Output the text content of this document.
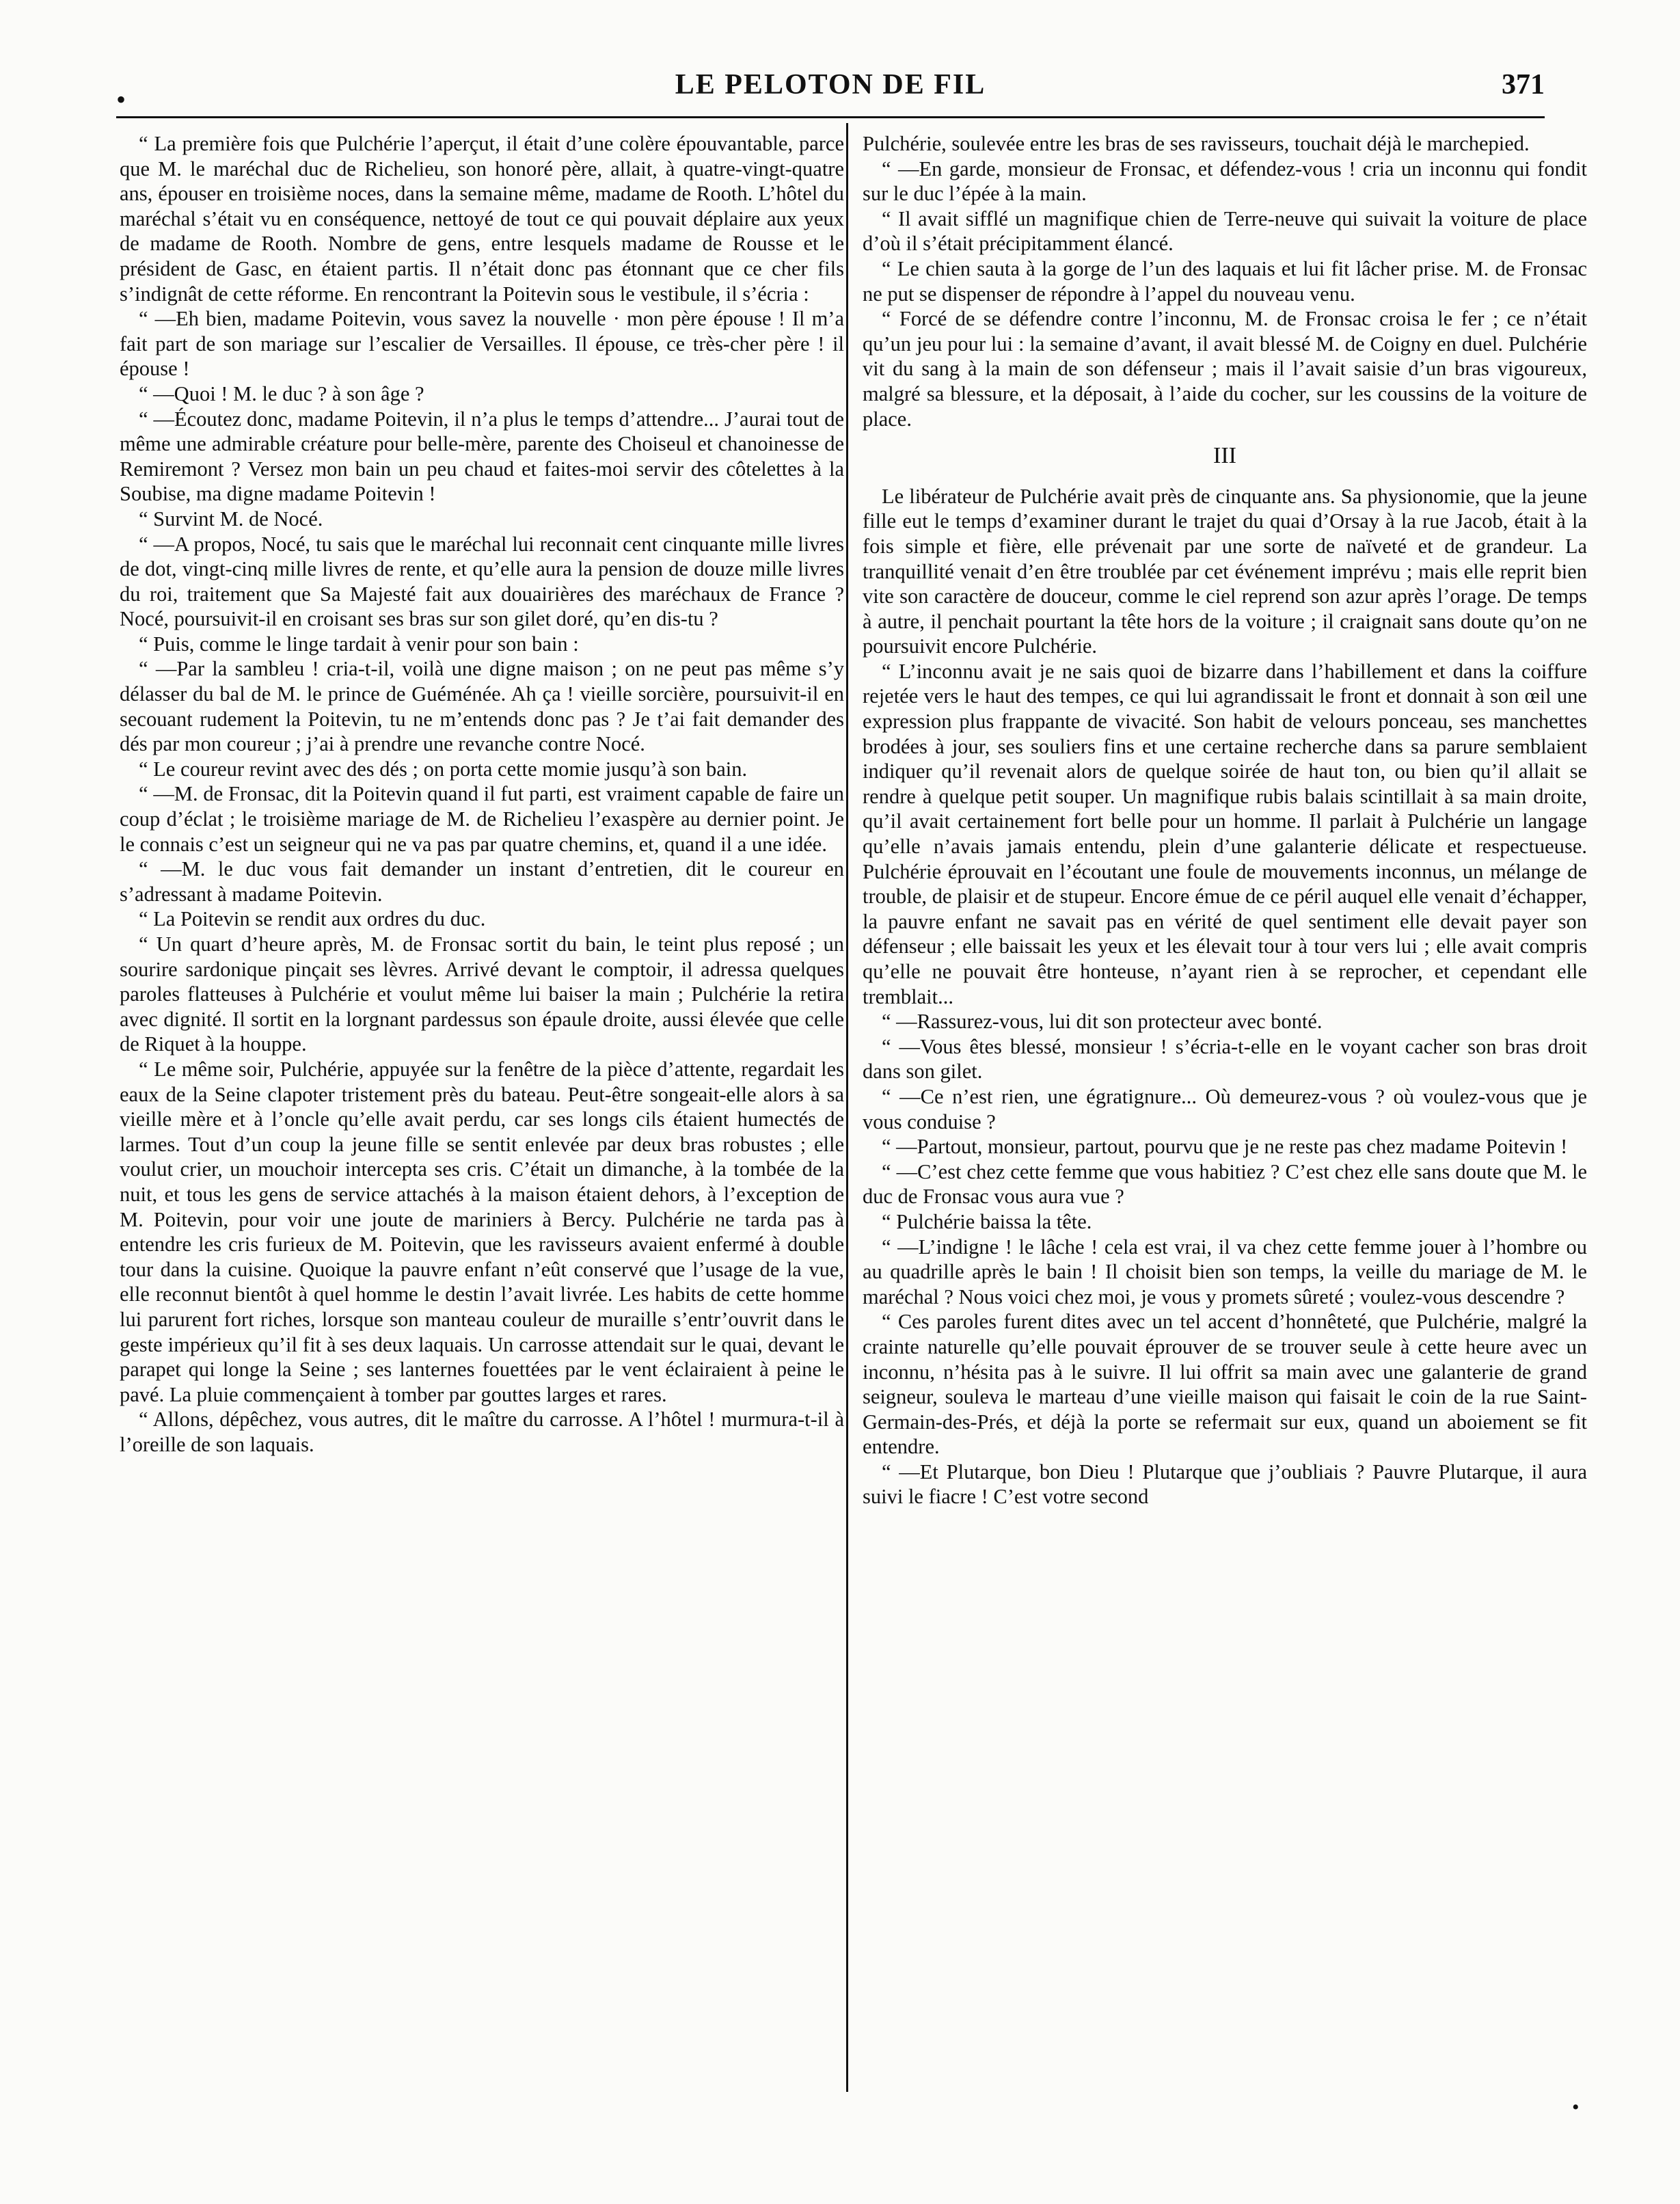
•	LE PELOTON DE FIL	371

“ La première fois que Pulchérie l’aperçut, il était d’une colère épouvantable, parce que M. le maréchal duc de Richelieu, son honoré père, allait, à quatre-vingt-quatre ans, épouser en troisième noces, dans la semaine même, madame de Rooth. L’hôtel du maréchal s’était vu en conséquence, nettoyé de tout ce qui pouvait déplaire aux yeux de madame de Rooth. Nombre de gens, entre lesquels madame de Rousse et le président de Gasc, en étaient partis. Il n’était donc pas étonnant que ce cher fils s’indignât de cette réforme. En rencontrant la Poitevin sous le vestibule, il s’écria :

“ —Eh bien, madame Poitevin, vous savez la nouvelle · mon père épouse ! Il m’a fait part de son mariage sur l’escalier de Versailles. Il épouse, ce très-cher père ! il épouse !

“ —Quoi ! M. le duc ? à son âge ?

“ —Écoutez donc, madame Poitevin, il n’a plus le temps d’attendre... J’aurai tout de même une admirable créature pour belle-mère, parente des Choiseul et chanoinesse de Remiremont ? Versez mon bain un peu chaud et faites-moi servir des côtelettes à la Soubise, ma digne madame Poitevin !

“ Survint M. de Nocé.

“ —A propos, Nocé, tu sais que le maréchal lui reconnait cent cinquante mille livres de dot, vingt-cinq mille livres de rente, et qu’elle aura la pension de douze mille livres du roi, traitement que Sa Majesté fait aux douairières des maréchaux de France ? Nocé, poursuivit-il en croisant ses bras sur son gilet doré, qu’en dis-tu ?

“ Puis, comme le linge tardait à venir pour son bain :

“ —Par la sambleu ! cria-t-il, voilà une digne maison ; on ne peut pas même s’y délasser du bal de M. le prince de Guéménée. Ah ça ! vieille sorcière, poursuivit-il en secouant rudement la Poitevin, tu ne m’entends donc pas ? Je t’ai fait demander des dés par mon coureur ; j’ai à prendre une revanche contre Nocé.

“ Le coureur revint avec des dés ; on porta cette momie jusqu’à son bain.

“ —M. de Fronsac, dit la Poitevin quand il fut parti, est vraiment capable de faire un coup d’éclat ; le troisième mariage de M. de Richelieu l’exaspère au dernier point. Je le connais c’est un seigneur qui ne va pas par quatre chemins, et, quand il a une idée.

“ —M. le duc vous fait demander un instant d’entretien, dit le coureur en s’adressant à madame Poitevin.

“ La Poitevin se rendit aux ordres du duc.

“ Un quart d’heure après, M. de Fronsac sortit du bain, le teint plus reposé ; un sourire sardonique pinçait ses lèvres. Arrivé devant le comptoir, il adressa quelques paroles flatteuses à Pulchérie et voulut même lui baiser la main ; Pulchérie la retira avec dignité. Il sortit en la lorgnant pardessus son épaule droite, aussi élevée que celle de Riquet à la houppe.

“ Le même soir, Pulchérie, appuyée sur la fenêtre de la pièce d’attente, regardait les eaux de la Seine clapoter tristement près du bateau. Peut-être songeait-elle alors à sa vieille mère et à l’oncle qu’elle avait perdu, car ses longs cils étaient humectés de larmes. Tout d’un coup la jeune fille se sentit enlevée par deux bras robustes ; elle voulut crier, un mouchoir intercepta ses cris. C’était un dimanche, à la tombée de la nuit, et tous les gens de service attachés à la maison étaient dehors, à l’exception de M. Poitevin, pour voir une joute de mariniers à Bercy. Pulchérie ne tarda pas à entendre les cris furieux de M. Poitevin, que les ravisseurs avaient enfermé à double tour dans la cuisine. Quoique la pauvre enfant n’eût conservé que l’usage de la vue, elle reconnut bientôt à quel homme le destin l’avait livrée. Les habits de cette homme lui parurent fort riches, lorsque son manteau couleur de muraille s’entr’ouvrit dans le geste impérieux qu’il fit à ses deux laquais. Un carrosse attendait sur le quai, devant le parapet qui longe la Seine ; ses lanternes fouettées par le vent éclairaient à peine le pavé. La pluie commençaient à tomber par gouttes larges et rares.

“ Allons, dépêchez, vous autres, dit le maître du carrosse. A l’hôtel ! murmura-t-il à l’oreille de son laquais.

Pulchérie, soulevée entre les bras de ses ravisseurs, touchait déjà le marchepied.

“ —En garde, monsieur de Fronsac, et défendez-vous ! cria un inconnu qui fondit sur le duc l’épée à la main.

“ Il avait sifflé un magnifique chien de Terre-neuve qui suivait la voiture de place d’où il s’était précipitamment élancé.

“ Le chien sauta à la gorge de l’un des laquais et lui fit lâcher prise. M. de Fronsac ne put se dispenser de répondre à l’appel du nouveau venu.

“ Forcé de se défendre contre l’inconnu, M. de Fronsac croisa le fer ; ce n’était qu’un jeu pour lui : la semaine d’avant, il avait blessé M. de Coigny en duel. Pulchérie vit du sang à la main de son défenseur ; mais il l’avait saisie d’un bras vigoureux, malgré sa blessure, et la déposait, à l’aide du cocher, sur les coussins de la voiture de place.

III

Le libérateur de Pulchérie avait près de cinquante ans. Sa physionomie, que la jeune fille eut le temps d’examiner durant le trajet du quai d’Orsay à la rue Jacob, était à la fois simple et fière, elle prévenait par une sorte de naïveté et de grandeur. La tranquillité venait d’en être troublée par cet événement imprévu ; mais elle reprit bien vite son caractère de douceur, comme le ciel reprend son azur après l’orage. De temps à autre, il penchait pourtant la tête hors de la voiture ; il craignait sans doute qu’on ne poursuivit encore Pulchérie.

“ L’inconnu avait je ne sais quoi de bizarre dans l’habillement et dans la coiffure rejetée vers le haut des tempes, ce qui lui agrandissait le front et donnait à son œil une expression plus frappante de vivacité. Son habit de velours ponceau, ses manchettes brodées à jour, ses souliers fins et une certaine recherche dans sa parure semblaient indiquer qu’il revenait alors de quelque soirée de haut ton, ou bien qu’il allait se rendre à quelque petit souper. Un magnifique rubis balais scintillait à sa main droite, qu’il avait certainement fort belle pour un homme. Il parlait à Pulchérie un langage qu’elle n’avais jamais entendu, plein d’une galanterie délicate et respectueuse. Pulchérie éprouvait en l’écoutant une foule de mouvements inconnus, un mélange de trouble, de plaisir et de stupeur. Encore émue de ce péril auquel elle venait d’échapper, la pauvre enfant ne savait pas en vérité de quel sentiment elle devait payer son défenseur ; elle baissait les yeux et les élevait tour à tour vers lui ; elle avait compris qu’elle ne pouvait être honteuse, n’ayant rien à se reprocher, et cependant elle tremblait...

“ —Rassurez-vous, lui dit son protecteur avec bonté.

“ —Vous êtes blessé, monsieur ! s’écria-t-elle en le voyant cacher son bras droit dans son gilet.

“ —Ce n’est rien, une égratignure... Où demeurez-vous ? où voulez-vous que je vous conduise ?

“ —Partout, monsieur, partout, pourvu que je ne reste pas chez madame Poitevin !

“ —C’est chez cette femme que vous habitiez ? C’est chez elle sans doute que M. le duc de Fronsac vous aura vue ?

“ Pulchérie baissa la tête.

“ —L’indigne ! le lâche ! cela est vrai, il va chez cette femme jouer à l’hombre ou au quadrille après le bain ! Il choisit bien son temps, la veille du mariage de M. le maréchal ? Nous voici chez moi, je vous y promets sûreté ; voulez-vous descendre ?

“ Ces paroles furent dites avec un tel accent d’honnêteté, que Pulchérie, malgré la crainte naturelle qu’elle pouvait éprouver de se trouver seule à cette heure avec un inconnu, n’hésita pas à le suivre. Il lui offrit sa main avec une galanterie de grand seigneur, souleva le marteau d’une vieille maison qui faisait le coin de la rue Saint-Germain-des-Prés, et déjà la porte se refermait sur eux, quand un aboiement se fit entendre.

“ —Et Plutarque, bon Dieu ! Plutarque que j’oubliais ? Pauvre Plutarque, il aura suivi le fiacre ! C’est votre second

•
